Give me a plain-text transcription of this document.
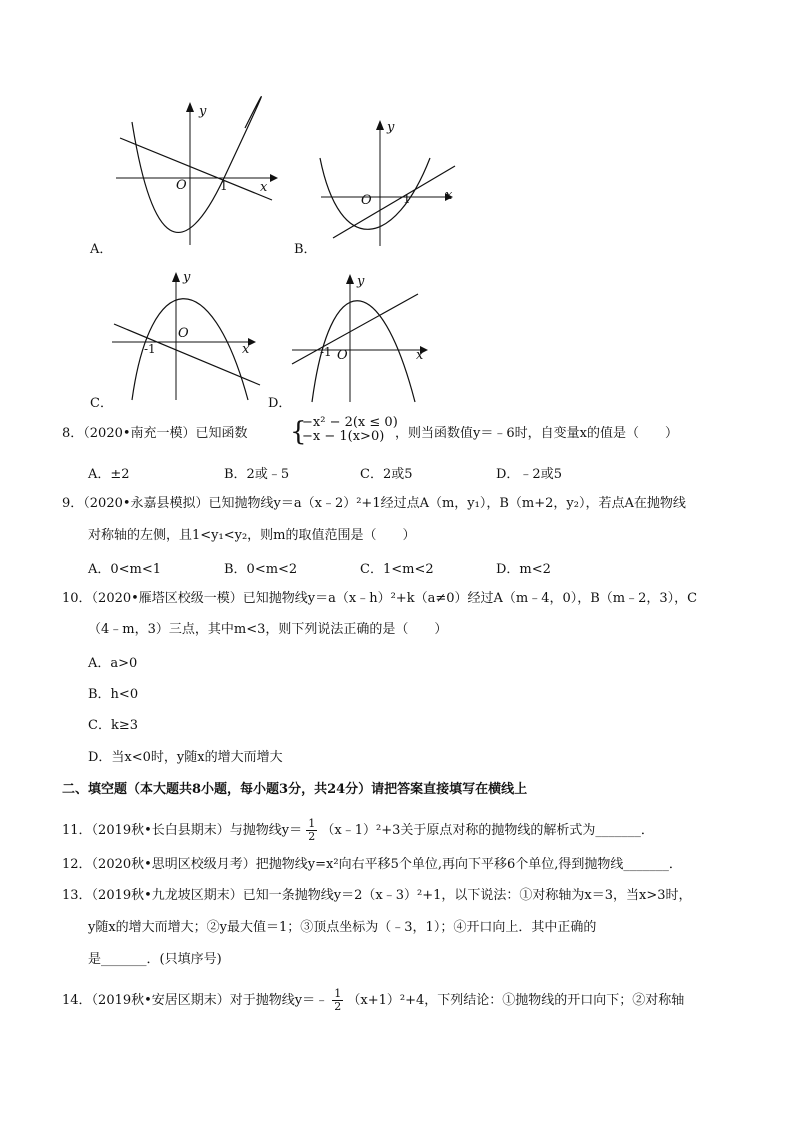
y
x
O	1
A．
y
x
O	1
B．
y
x
O
-1
C．
y
x
O
-1
D．
8．（2020•南充一模）已知函数 {
−x² − 2(x ≤ 0)
−x − 1(x>0) ，则当函数值y＝﹣6时，自变量x的值是（　　）
A．±2	B．2或﹣5	C．2或5	D．﹣2或5
9．（2020•永嘉县模拟）已知抛物线y＝a（x﹣2）²+1经过点A（m，y₁），B（m+2，y₂），若点A在抛物线
对称轴的左侧，且1<y₁<y₂，则m的取值范围是（　　）
A．0<m<1	B．0<m<2	C．1<m<2	D．m<2
10．（2020•雁塔区校级一模）已知抛物线y＝a（x﹣h）²+k（a≠0）经过A（m﹣4，0），B（m﹣2，3），C
（4﹣m，3）三点，其中m<3，则下列说法正确的是（　　）
A．a>0
B．h<0
C．k≥3
D．当x<0时，y随x的增大而增大
二、填空题（本大题共8小题，每小题3分，共24分）请把答案直接填写在横线上
11．（2019秋•长白县期末）与抛物线$y= \frac{1}{2}$ （x﹣1）²+3关于原点对称的抛物线的解析式为_______．
12．（2020秋•思明区校级月考）把抛物线y=x²向右平移5个单位,再向下平移6个单位,得到抛物线_______．
13．（2019秋•九龙坡区期末）已知一条抛物线y＝2（x﹣3）²+1，以下说法：①对称轴为x＝3，当x>3时，
y随x的增大而增大；②y最大值＝1；③顶点坐标为（﹣3，1）；④开口向上．其中正确的
是_______．(只填序号)
14．（2019秋•安居区期末）对于抛物线y＝﹣ $\frac{1}{2} (x+1)^2+4$，下列结论：①抛物线的开口向下；②对称轴
